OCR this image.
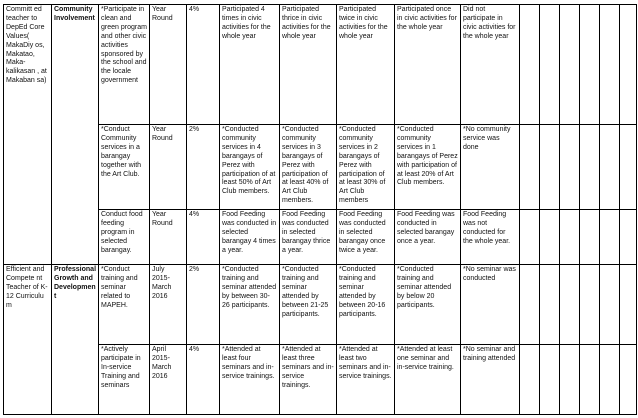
Committ ed teacher to DepEd Core Values( MakaDiy os, Makatao, Maka-kalikasan , at Makaban sa)	Community Involvement	*Participate in clean and green program and other civic activities sponsored by the school and the locale government	Year Round	4%	Participated 4 times in civic activities for the whole year	Participated thrice in civic activities for the whole year	Participated twice in civic activities for the whole year	Participated once in civic activities for the whole year	Did not participate in civic activities for the whole year						
		*Conduct Community services in a barangay together with the Art Club.	Year Round	2%	*Conducted community services in 4 barangays of Perez with participation of at least 50% of Art Club members.	*Conducted community services in 3 barangays of Perez with participation of at least 40% of Art Club members.	*Conducted community services in 2 barangays of Perez with participation of at least 30% of Art Club members	*Conducted community services in 1 barangays of Perez with participation of at least 20% of Art Club members.	*No community service was done						
		Conduct food feeding program in selected barangay.	Year Round	4%	Food Feeding was conducted in selected barangay 4 times a year.	Food Feeding was conducted in selected barangay thrice a year.	Food Feeding was conducted in selected barangay once twice a year.	Food Feeding was conducted in selected barangay once a year.	Food Feeding was not conducted for the whole year.						
Efficient and Compete nt Teacher of K-12 Curriculu m	Professional Growth and Developmen t	*Conduct training and seminar related to MAPEH.	July 2015-March 2016	2%	*Conducted training and seminar attended by between 30-26 participants.	*Conducted training and seminar attended by between 21-25 participants.	*Conducted training and seminar attended by between 20-16 participants.	*Conducted training and seminar attended by below 20 participants.	*No seminar was conducted						
		*Actively participate in In-service Training and seminars	April 2015-March 2016	4%	*Attended at least four seminars and in-service trainings.	*Attended at least three seminars and in-service trainings.	*Attended at least two seminars and in-service trainings.	*Attended at least one seminar and in-service training.	*No seminar and training attended						
